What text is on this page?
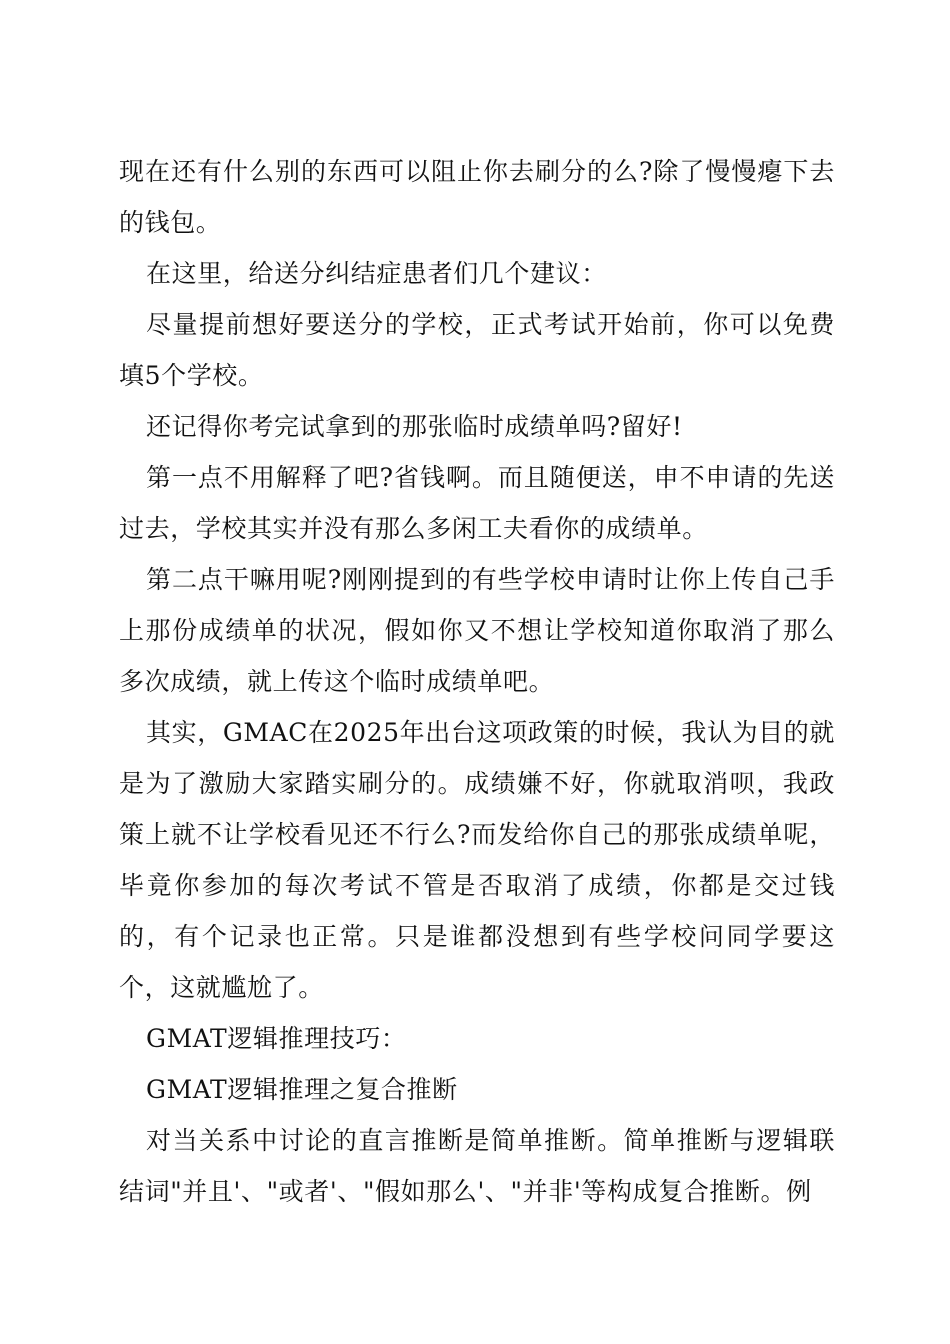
现在还有什么别的东西可以阻止你去刷分的么?除了慢慢瘪下去的钱包。

在这里，给送分纠结症患者们几个建议：

尽量提前想好要送分的学校，正式考试开始前，你可以免费填5个学校。

还记得你考完试拿到的那张临时成绩单吗?留好!

第一点不用解释了吧?省钱啊。而且随便送，申不申请的先送过去，学校其实并没有那么多闲工夫看你的成绩单。

第二点干嘛用呢?刚刚提到的有些学校申请时让你上传自己手上那份成绩单的状况，假如你又不想让学校知道你取消了那么多次成绩，就上传这个临时成绩单吧。

其实，GMAC在2025年出台这项政策的时候，我认为目的就是为了激励大家踏实刷分的。成绩嫌不好，你就取消呗，我政策上就不让学校看见还不行么?而发给你自己的那张成绩单呢，毕竟你参加的每次考试不管是否取消了成绩，你都是交过钱的，有个记录也正常。只是谁都没想到有些学校问同学要这个，这就尴尬了。

GMAT逻辑推理技巧：

GMAT逻辑推理之复合推断

对当关系中讨论的直言推断是简单推断。简单推断与逻辑联结词"并且'、"或者'、"假如那么'、"并非'等构成复合推断。例
